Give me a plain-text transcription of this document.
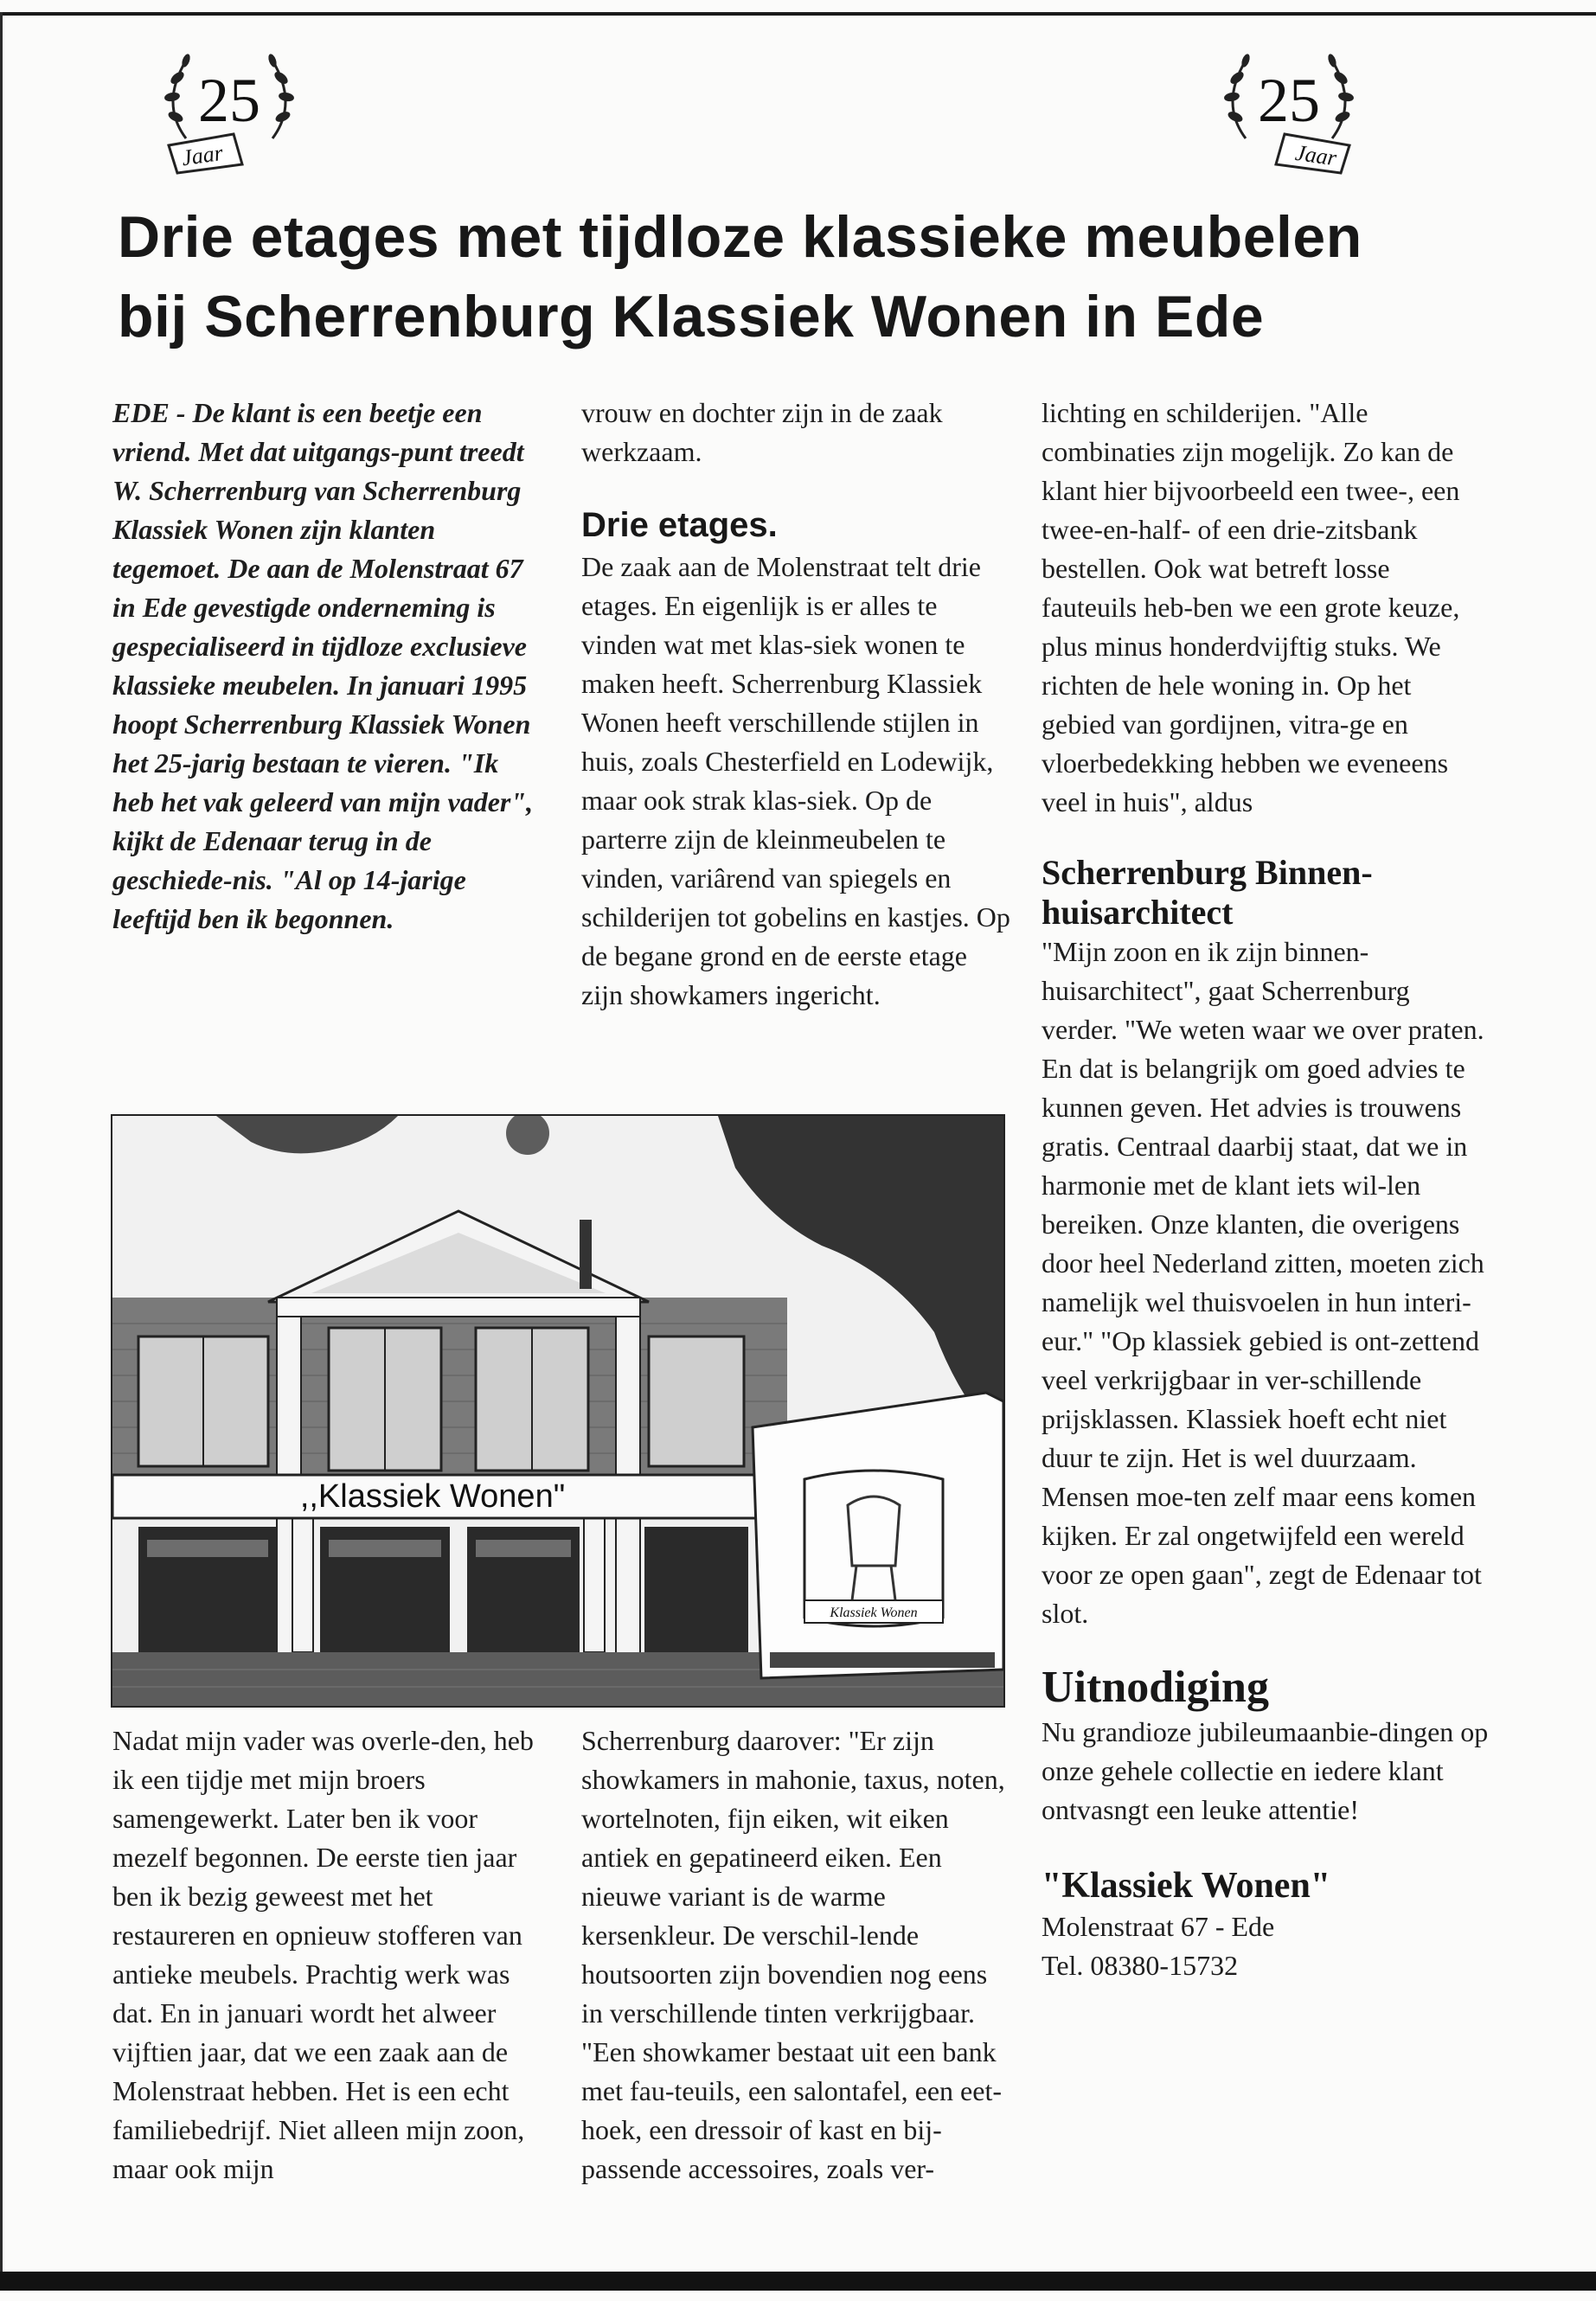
25
Jaar
25
Jaar
Drie etages met tijdloze klassieke meubelen
bij Scherrenburg Klassiek Wonen in Ede

EDE - De klant is een beetje een vriend. Met dat uitgangs-punt treedt W. Scherrenburg van Scherrenburg Klassiek Wonen zijn klanten tegemoet. De aan de Molenstraat 67 in Ede gevestigde onderneming is gespecialiseerd in tijdloze exclusieve klassieke meubelen. In januari 1995 hoopt Scherrenburg Klassiek Wonen het 25-jarig bestaan te vieren. "Ik heb het vak geleerd van mijn vader", kijkt de Edenaar terug in de geschiede-nis. "Al op 14-jarige leeftijd ben ik begonnen.

vrouw en dochter zijn in de zaak werkzaam.

Drie etages.

De zaak aan de Molenstraat telt drie etages. En eigenlijk is er alles te vinden wat met klas-siek wonen te maken heeft. Scherrenburg Klassiek Wonen heeft verschillende stijlen in huis, zoals Chesterfield en Lodewijk, maar ook strak klas-siek. Op de parterre zijn de kleinmeubelen te vinden, variârend van spiegels en schilderijen tot gobelins en kastjes. Op de begane grond en de eerste etage zijn showkamers ingericht.

lichting en schilderijen. "Alle combinaties zijn mogelijk. Zo kan de klant hier bijvoorbeeld een twee-, een twee-en-half- of een drie-zitsbank bestellen. Ook wat betreft losse fauteuils heb-ben we een grote keuze, plus minus honderdvijftig stuks. We richten de hele woning in. Op het gebied van gordijnen, vitra-ge en vloerbedekking hebben we eveneens veel in huis", aldus

Scherrenburg Binnen-huisarchitect

"Mijn zoon en ik zijn binnen-huisarchitect", gaat Scherrenburg verder. "We weten waar we over praten. En dat is belangrijk om goed advies te kunnen geven. Het advies is trouwens gratis. Centraal daarbij staat, dat we in harmonie met de klant iets wil-len bereiken. Onze klanten, die overigens door heel Nederland zitten, moeten zich namelijk wel thuisvoelen in hun interi-eur." "Op klassiek gebied is ont-zettend veel verkrijgbaar in ver-schillende prijsklassen. Klassiek hoeft echt niet duur te zijn. Het is wel duurzaam. Mensen moe-ten zelf maar eens komen kijken. Er zal ongetwijfeld een wereld voor ze open gaan", zegt de Edenaar tot slot.

Uitnodiging

Nu grandioze jubileumaanbie-dingen op onze gehele collectie en iedere klant ontvasngt een leuke attentie!

"Klassiek Wonen"

Molenstraat 67 - Ede

Tel. 08380-15732

,,Klassiek Wonen"
Klassiek Wonen

Nadat mijn vader was overle-den, heb ik een tijdje met mijn broers samengewerkt. Later ben ik voor mezelf begonnen. De eerste tien jaar ben ik bezig geweest met het restaureren en opnieuw stofferen van antieke meubels. Prachtig werk was dat. En in januari wordt het alweer vijftien jaar, dat we een zaak aan de Molenstraat hebben. Het is een echt familiebedrijf. Niet alleen mijn zoon, maar ook mijn

Scherrenburg daarover: "Er zijn showkamers in mahonie, taxus, noten, wortelnoten, fijn eiken, wit eiken antiek en gepatineerd eiken. Een nieuwe variant is de warme kersenkleur. De verschil-lende houtsoorten zijn bovendien nog eens in verschillende tinten verkrijgbaar. "Een showkamer bestaat uit een bank met fau-teuils, een salontafel, een eet-hoek, een dressoir of kast en bij-passende accessoires, zoals ver-
